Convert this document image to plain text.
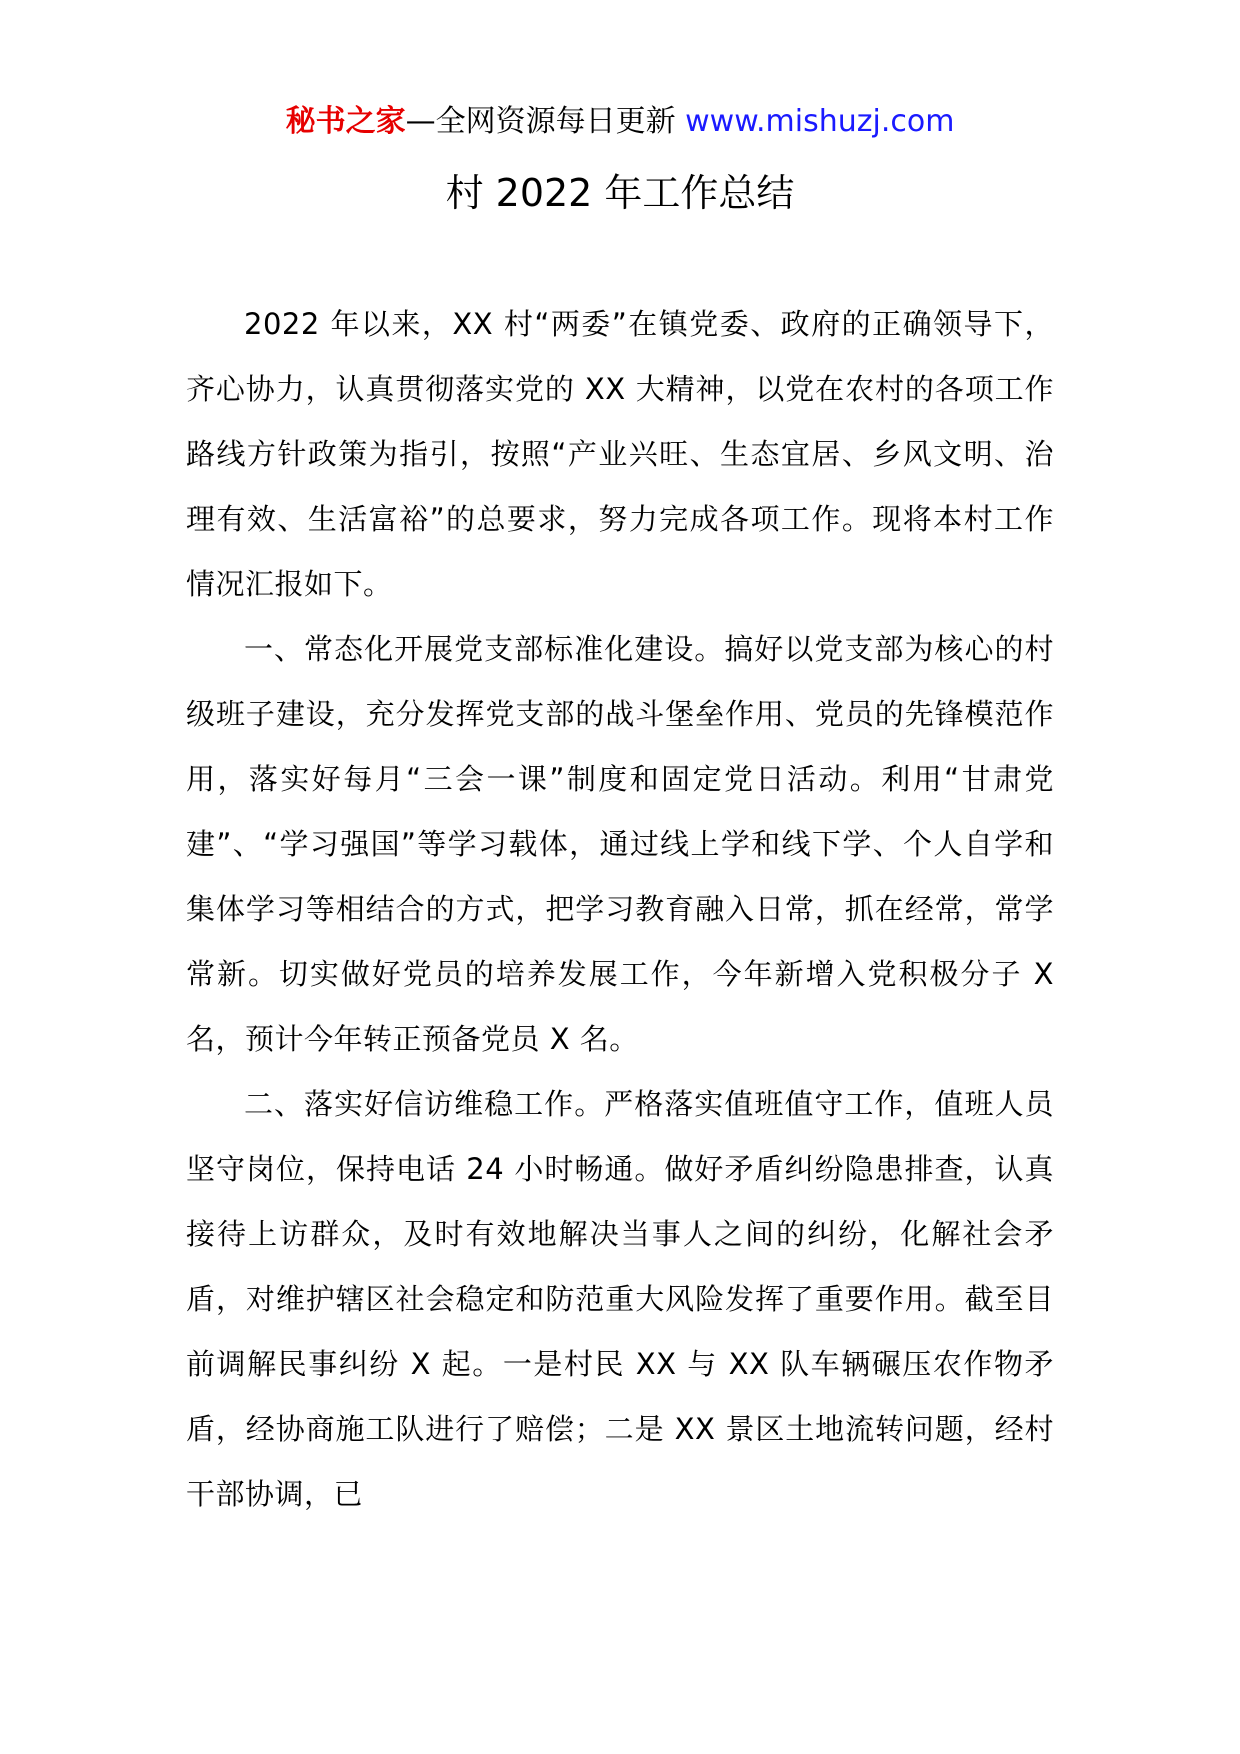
秘书之家—全网资源每日更新 www.mishuzj.com
村 2022 年工作总结

2022 年以来，XX 村“两委”在镇党委、政府的正确领导下，齐心协力，认真贯彻落实党的 XX 大精神，以党在农村的各项工作路线方针政策为指引，按照“产业兴旺、生态宜居、乡风文明、治理有效、生活富裕”的总要求，努力完成各项工作。现将本村工作情况汇报如下。

一、常态化开展党支部标准化建设。搞好以党支部为核心的村级班子建设，充分发挥党支部的战斗堡垒作用、党员的先锋模范作用，落实好每月“三会一课”制度和固定党日活动。利用“甘肃党建”、“学习强国”等学习载体，通过线上学和线下学、个人自学和集体学习等相结合的方式，把学习教育融入日常，抓在经常，常学常新。切实做好党员的培养发展工作，今年新增入党积极分子 X 名，预计今年转正预备党员 X 名。

二、落实好信访维稳工作。严格落实值班值守工作，值班人员坚守岗位，保持电话 24 小时畅通。做好矛盾纠纷隐患排查，认真接待上访群众，及时有效地解决当事人之间的纠纷，化解社会矛盾，对维护辖区社会稳定和防范重大风险发挥了重要作用。截至目前调解民事纠纷 X 起。一是村民 XX 与 XX 队车辆碾压农作物矛盾，经协商施工队进行了赔偿；二是 XX 景区土地流转问题，经村干部协调，已
